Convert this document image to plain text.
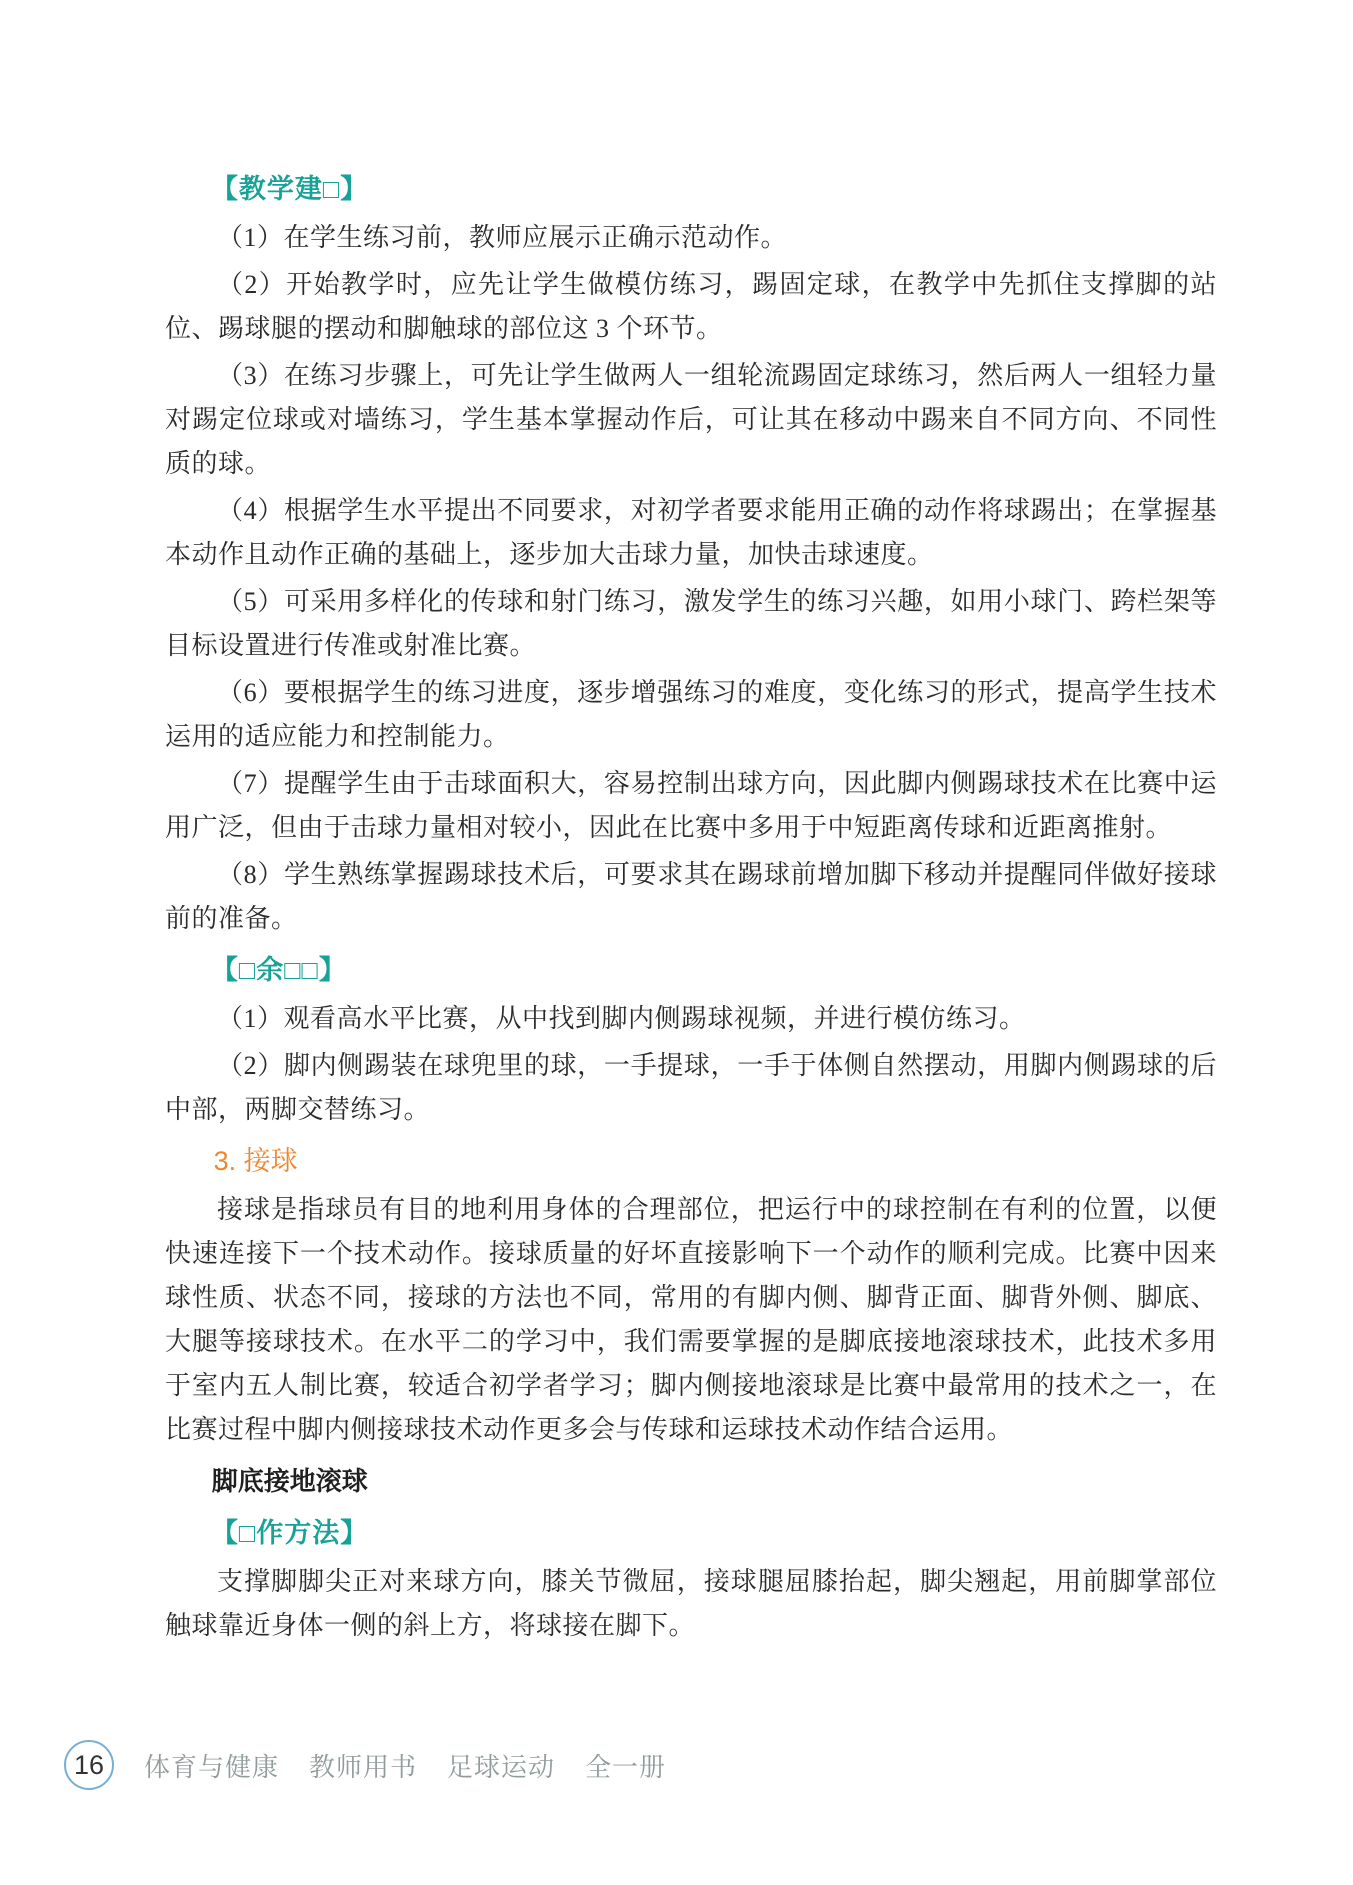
【教学建□】

（1）在学生练习前，教师应展示正确示范动作。

（2）开始教学时，应先让学生做模仿练习，踢固定球，在教学中先抓住支撑脚的站位、踢球腿的摆动和脚触球的部位这 3 个环节。

（3）在练习步骤上，可先让学生做两人一组轮流踢固定球练习，然后两人一组轻力量对踢定位球或对墙练习，学生基本掌握动作后，可让其在移动中踢来自不同方向、不同性质的球。

（4）根据学生水平提出不同要求，对初学者要求能用正确的动作将球踢出；在掌握基本动作且动作正确的基础上，逐步加大击球力量，加快击球速度。

（5）可采用多样化的传球和射门练习，激发学生的练习兴趣，如用小球门、跨栏架等目标设置进行传准或射准比赛。

（6）要根据学生的练习进度，逐步增强练习的难度，变化练习的形式，提高学生技术运用的适应能力和控制能力。

（7）提醒学生由于击球面积大，容易控制出球方向，因此脚内侧踢球技术在比赛中运用广泛，但由于击球力量相对较小，因此在比赛中多用于中短距离传球和近距离推射。

（8）学生熟练掌握踢球技术后，可要求其在踢球前增加脚下移动并提醒同伴做好接球前的准备。

【□余□□】

（1）观看高水平比赛，从中找到脚内侧踢球视频，并进行模仿练习。

（2）脚内侧踢装在球兜里的球，一手提球，一手于体侧自然摆动，用脚内侧踢球的后中部，两脚交替练习。

3. 接球

接球是指球员有目的地利用身体的合理部位，把运行中的球控制在有利的位置，以便快速连接下一个技术动作。接球质量的好坏直接影响下一个动作的顺利完成。比赛中因来球性质、状态不同，接球的方法也不同，常用的有脚内侧、脚背正面、脚背外侧、脚底、大腿等接球技术。在水平二的学习中，我们需要掌握的是脚底接地滚球技术，此技术多用于室内五人制比赛，较适合初学者学习；脚内侧接地滚球是比赛中最常用的技术之一，在比赛过程中脚内侧接球技术动作更多会与传球和运球技术动作结合运用。

脚底接地滚球
【□作方法】

支撑脚脚尖正对来球方向，膝关节微屈，接球腿屈膝抬起，脚尖翘起，用前脚掌部位触球靠近身体一侧的斜上方，将球接在脚下。

16 体育与健康 教师用书 足球运动 全一册
